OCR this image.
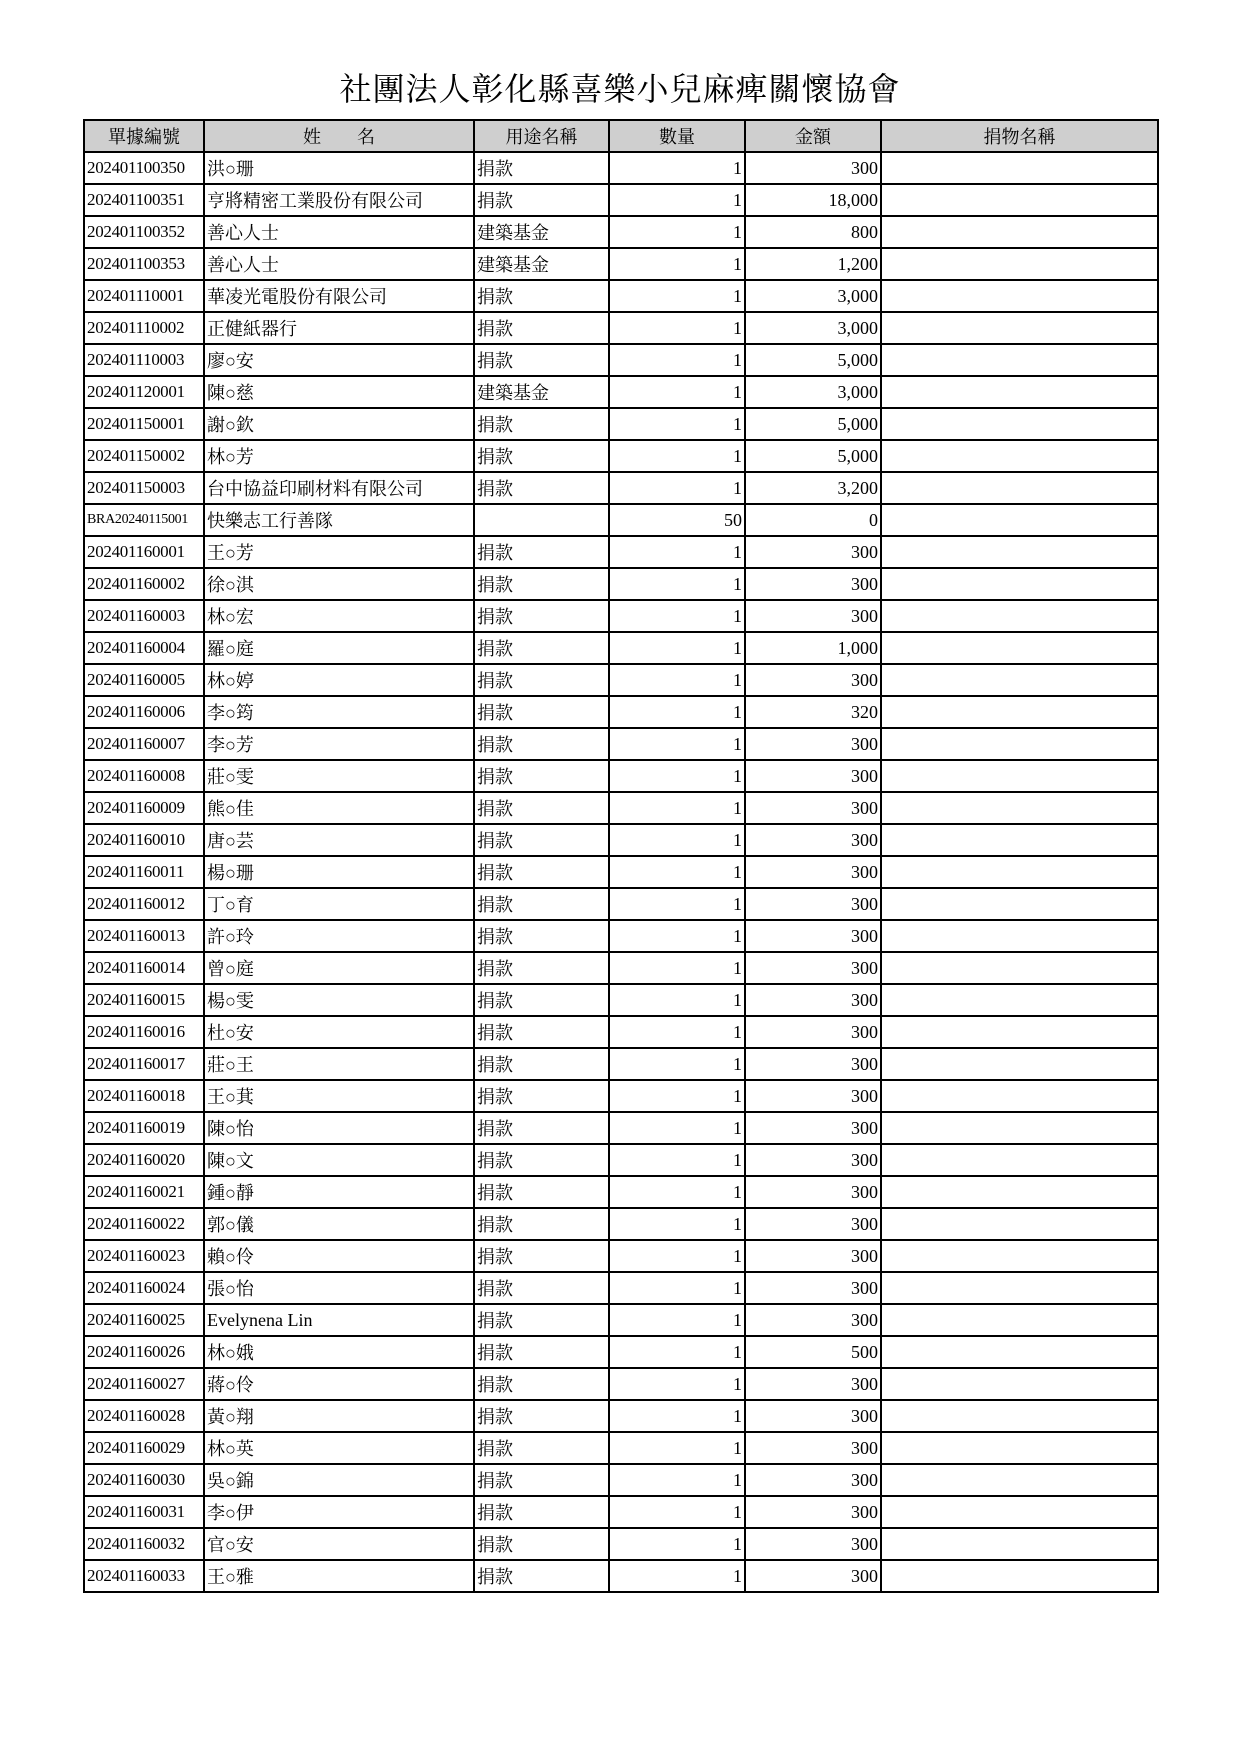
社團法人彰化縣喜樂小兒麻痺關懷協會
單據編號	姓　　名	用途名稱	數量	金額	捐物名稱
202401100350	洪○珊	捐款	1	300	
202401100351	亨將精密工業股份有限公司	捐款	1	18,000	
202401100352	善心人士	建築基金	1	800	
202401100353	善心人士	建築基金	1	1,200	
202401110001	華凌光電股份有限公司	捐款	1	3,000	
202401110002	正健紙器行	捐款	1	3,000	
202401110003	廖○安	捐款	1	5,000	
202401120001	陳○慈	建築基金	1	3,000	
202401150001	謝○欽	捐款	1	5,000	
202401150002	林○芳	捐款	1	5,000	
202401150003	台中協益印刷材料有限公司	捐款	1	3,200	
BRA20240115001	快樂志工行善隊		50	0	
202401160001	王○芳	捐款	1	300	
202401160002	徐○淇	捐款	1	300	
202401160003	林○宏	捐款	1	300	
202401160004	羅○庭	捐款	1	1,000	
202401160005	林○婷	捐款	1	300	
202401160006	李○筠	捐款	1	320	
202401160007	李○芳	捐款	1	300	
202401160008	莊○雯	捐款	1	300	
202401160009	熊○佳	捐款	1	300	
202401160010	唐○芸	捐款	1	300	
202401160011	楊○珊	捐款	1	300	
202401160012	丁○育	捐款	1	300	
202401160013	許○玲	捐款	1	300	
202401160014	曾○庭	捐款	1	300	
202401160015	楊○雯	捐款	1	300	
202401160016	杜○安	捐款	1	300	
202401160017	莊○王	捐款	1	300	
202401160018	王○萁	捐款	1	300	
202401160019	陳○怡	捐款	1	300	
202401160020	陳○文	捐款	1	300	
202401160021	鍾○靜	捐款	1	300	
202401160022	郭○儀	捐款	1	300	
202401160023	賴○伶	捐款	1	300	
202401160024	張○怡	捐款	1	300	
202401160025	Evelynena Lin	捐款	1	300	
202401160026	林○娥	捐款	1	500	
202401160027	蔣○伶	捐款	1	300	
202401160028	黃○翔	捐款	1	300	
202401160029	林○英	捐款	1	300	
202401160030	吳○錦	捐款	1	300	
202401160031	李○伊	捐款	1	300	
202401160032	官○安	捐款	1	300	
202401160033	王○雅	捐款	1	300	
